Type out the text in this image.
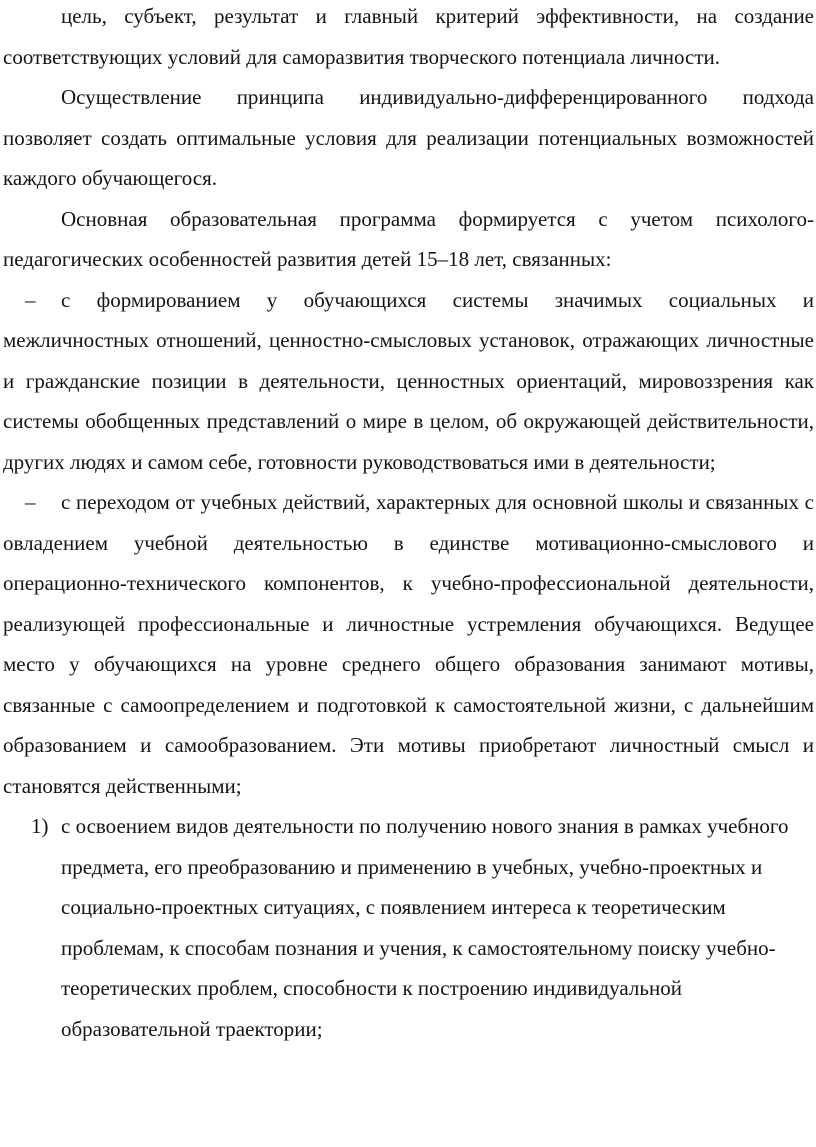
цель, субъект, результат и главный критерий эффективности, на создание соответствующих условий для саморазвития творческого потенциала личности.

Осуществление принципа индивидуально-дифференцированного подхода позволяет создать оптимальные условия для реализации потенциальных возможностей каждого обучающегося.

Основная образовательная программа формируется с учетом психолого-педагогических особенностей развития детей 15–18 лет, связанных:

– с формированием у обучающихся системы значимых социальных и межличностных отношений, ценностно-смысловых установок, отражающих личностные и гражданские позиции в деятельности, ценностных ориентаций, мировоззрения как системы обобщенных представлений о мире в целом, об окружающей действительности, других людях и самом себе, готовности руководствоваться ими в деятельности;

– с переходом от учебных действий, характерных для основной школы и связанных с овладением учебной деятельностью в единстве мотивационно-смыслового и операционно-технического компонентов, к учебно-профессиональной деятельности, реализующей профессиональные и личностные устремления обучающихся. Ведущее место у обучающихся на уровне среднего общего образования занимают мотивы, связанные с самоопределением и подготовкой к самостоятельной жизни, с дальнейшим образованием и самообразованием. Эти мотивы приобретают личностный смысл и становятся действенными;

1) с освоением видов деятельности по получению нового знания в рамках учебного предмета, его преобразованию и применению в учебных, учебно-проектных и социально-проектных ситуациях, с появлением интереса к теоретическим проблемам, к способам познания и учения, к самостоятельному поиску учебно-теоретических проблем, способности к построению индивидуальной образовательной траектории;
